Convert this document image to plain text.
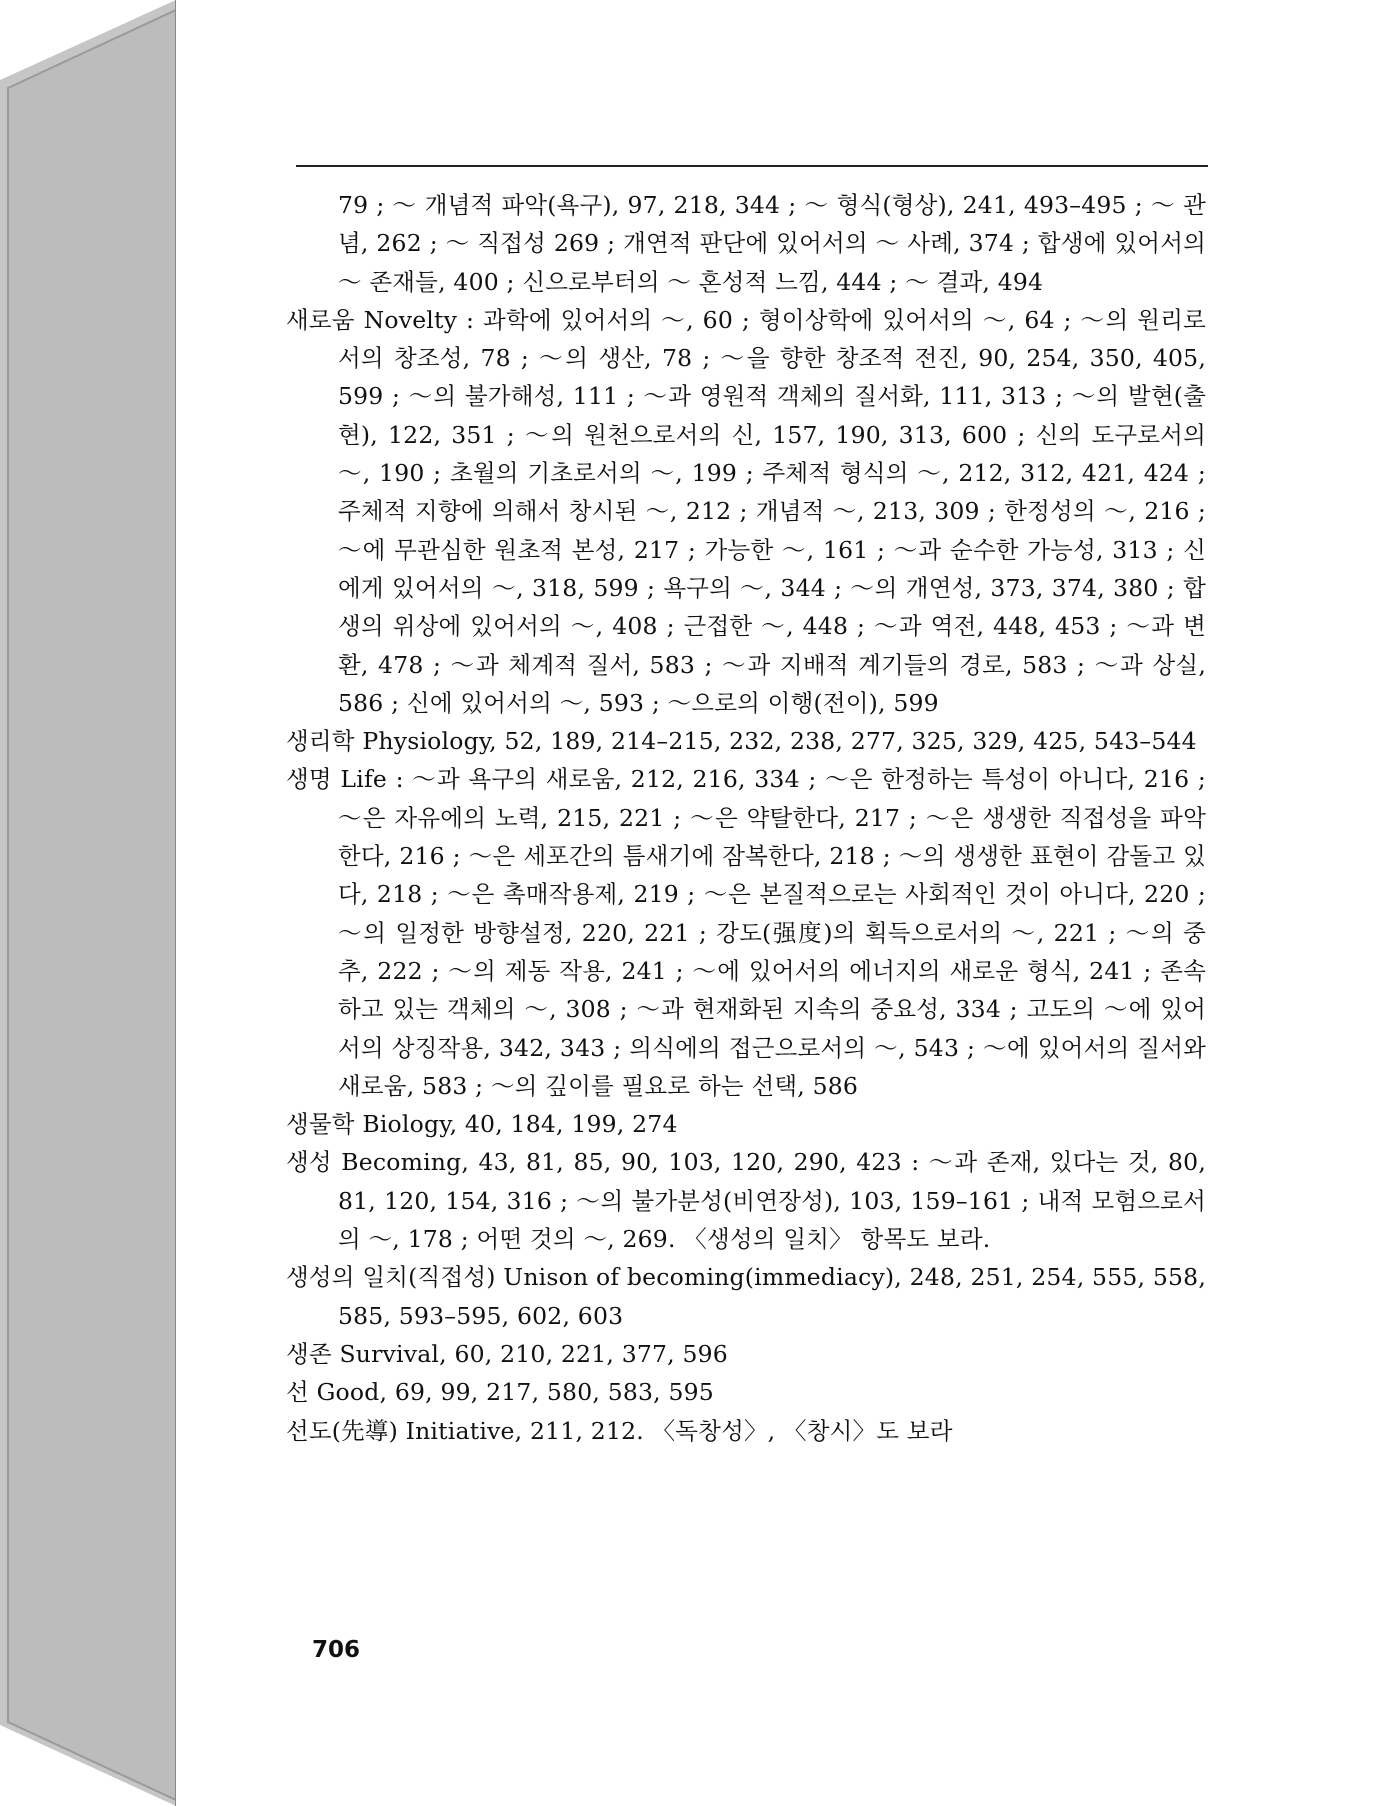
79 ; ～ 개념적 파악(욕구), 97, 218, 344 ; ～ 형식(형상), 241, 493–495 ; ～ 관념, 262 ; ～ 직접성 269 ; 개연적 판단에 있어서의 ～ 사례, 374 ; 합생에 있어서의 ～ 존재들, 400 ; 신으로부터의 ～ 혼성적 느낌, 444 ; ～ 결과, 494

새로움 Novelty : 과학에 있어서의 ～, 60 ; 형이상학에 있어서의 ～, 64 ; ～의 원리로서의 창조성, 78 ; ～의 생산, 78 ; ～을 향한 창조적 전진, 90, 254, 350, 405, 599 ; ～의 불가해성, 111 ; ～과 영원적 객체의 질서화, 111, 313 ; ～의 발현(출현), 122, 351 ; ～의 원천으로서의 신, 157, 190, 313, 600 ; 신의 도구로서의 ～, 190 ; 초월의 기초로서의 ～, 199 ; 주체적 형식의 ～, 212, 312, 421, 424 ; 주체적 지향에 의해서 창시된 ～, 212 ; 개념적 ～, 213, 309 ; 한정성의 ～, 216 ; ～에 무관심한 원초적 본성, 217 ; 가능한 ～, 161 ; ～과 순수한 가능성, 313 ; 신에게 있어서의 ～, 318, 599 ; 욕구의 ～, 344 ; ～의 개연성, 373, 374, 380 ; 합생의 위상에 있어서의 ～, 408 ; 근접한 ～, 448 ; ～과 역전, 448, 453 ; ～과 변환, 478 ; ～과 체계적 질서, 583 ; ～과 지배적 계기들의 경로, 583 ; ～과 상실, 586 ; 신에 있어서의 ～, 593 ; ～으로의 이행(전이), 599

생리학 Physiology, 52, 189, 214–215, 232, 238, 277, 325, 329, 425, 543–544

생명 Life : ～과 욕구의 새로움, 212, 216, 334 ; ～은 한정하는 특성이 아니다, 216 ; ～은 자유에의 노력, 215, 221 ; ～은 약탈한다, 217 ; ～은 생생한 직접성을 파악한다, 216 ; ～은 세포간의 틈새기에 잠복한다, 218 ; ～의 생생한 표현이 감돌고 있다, 218 ; ～은 촉매작용제, 219 ; ～은 본질적으로는 사회적인 것이 아니다, 220 ; ～의 일정한 방향설정, 220, 221 ; 강도(强度)의 획득으로서의 ～, 221 ; ～의 중추, 222 ; ～의 제동 작용, 241 ; ～에 있어서의 에너지의 새로운 형식, 241 ; 존속하고 있는 객체의 ～, 308 ; ～과 현재화된 지속의 중요성, 334 ; 고도의 ～에 있어서의 상징작용, 342, 343 ; 의식에의 접근으로서의 ～, 543 ; ～에 있어서의 질서와 새로움, 583 ; ～의 깊이를 필요로 하는 선택, 586

생물학 Biology, 40, 184, 199, 274

생성 Becoming, 43, 81, 85, 90, 103, 120, 290, 423 : ～과 존재, 있다는 것, 80, 81, 120, 154, 316 ; ～의 불가분성(비연장성), 103, 159–161 ; 내적 모험으로서의 ～, 178 ; 어떤 것의 ～, 269. 〈생성의 일치〉 항목도 보라.

생성의 일치(직접성) Unison of becoming(immediacy), 248, 251, 254, 555, 558, 585, 593–595, 602, 603

생존 Survival, 60, 210, 221, 377, 596

선 Good, 69, 99, 217, 580, 583, 595

선도(先導) Initiative, 211, 212. 〈독창성〉, 〈창시〉도 보라

706
